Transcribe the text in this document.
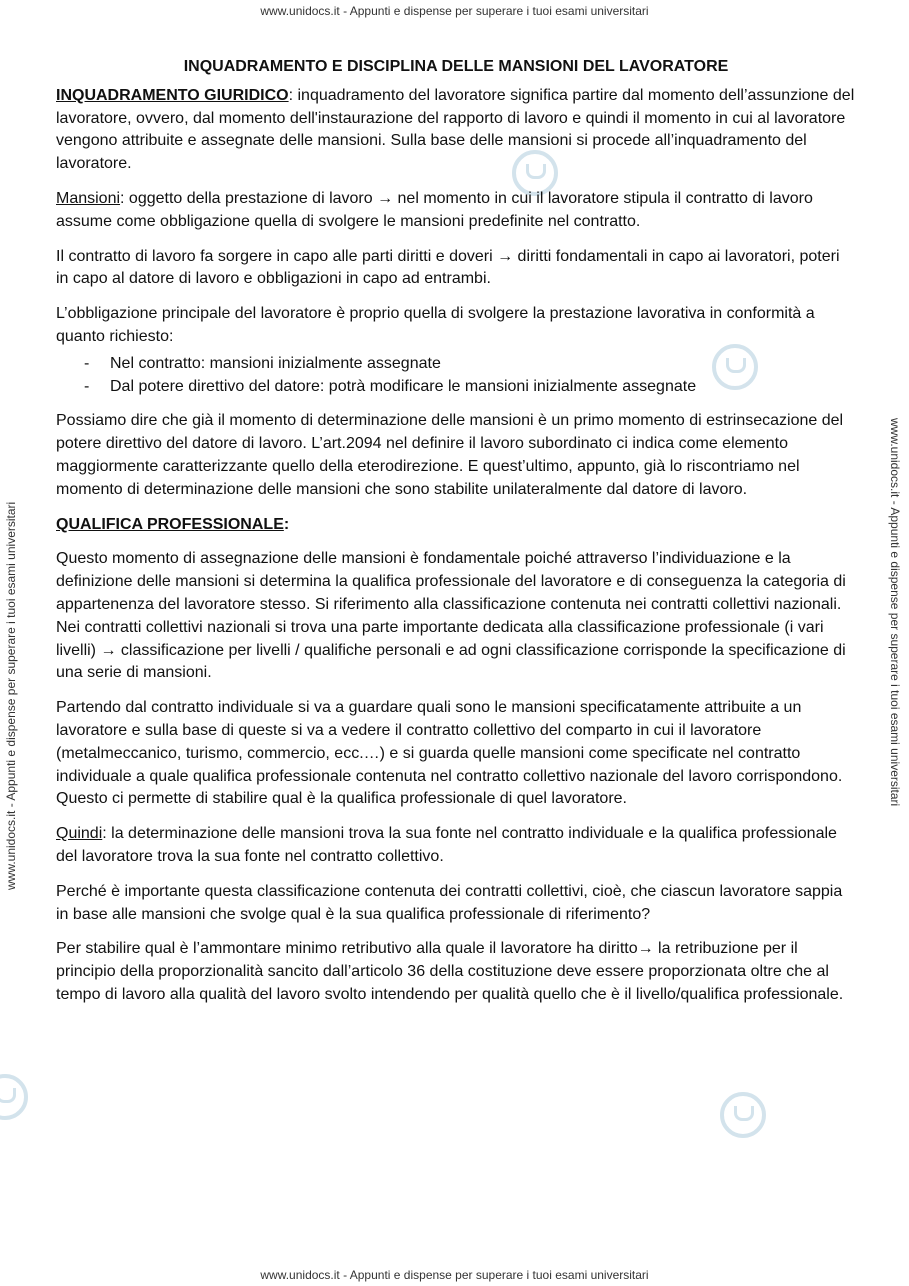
www.unidocs.it - Appunti e dispense per superare i tuoi esami universitari
www.unidocs.it - Appunti e dispense per superare i tuoi esami universitari
www.unidocs.it - Appunti e dispense per superare i tuoi esami universitari	www.unidocs.it - Appunti e dispense per superare i tuoi esami universitari
INQUADRAMENTO E DISCIPLINA DELLE MANSIONI DEL LAVORATORE

INQUADRAMENTO GIURIDICO: inquadramento del lavoratore significa partire dal momento dell’assunzione del lavoratore, ovvero, dal momento dell'instaurazione del rapporto di lavoro e quindi il momento in cui al lavoratore vengono attribuite e assegnate delle mansioni. Sulla base delle mansioni si procede all’inquadramento del lavoratore.

Mansioni: oggetto della prestazione di lavoro → nel momento in cui il lavoratore stipula il contratto di lavoro assume come obbligazione quella di svolgere le mansioni predefinite nel contratto.

Il contratto di lavoro fa sorgere in capo alle parti diritti e doveri → diritti fondamentali in capo ai lavoratori, poteri in capo al datore di lavoro e obbligazioni in capo ad entrambi.

L’obbligazione principale del lavoratore è proprio quella di svolgere la prestazione lavorativa in conformità a quanto richiesto:

- Nel contratto: mansioni inizialmente assegnate
- Dal potere direttivo del datore: potrà modificare le mansioni inizialmente assegnate

Possiamo dire che già il momento di determinazione delle mansioni è un primo momento di estrinsecazione del potere direttivo del datore di lavoro. L’art.2094 nel definire il lavoro subordinato ci indica come elemento maggiormente caratterizzante quello della eterodirezione. E quest’ultimo, appunto, già lo riscontriamo nel momento di determinazione delle mansioni che sono stabilite unilateralmente dal datore di lavoro.

QUALIFICA PROFESSIONALE:

Questo momento di assegnazione delle mansioni è fondamentale poiché attraverso l’individuazione e la definizione delle mansioni si determina la qualifica professionale del lavoratore e di conseguenza la categoria di appartenenza del lavoratore stesso. Si riferimento alla classificazione contenuta nei contratti collettivi nazionali.

Nei contratti collettivi nazionali si trova una parte importante dedicata alla classificazione professionale (i vari livelli) → classificazione per livelli / qualifiche personali e ad ogni classificazione corrisponde la specificazione di una serie di mansioni.

Partendo dal contratto individuale si va a guardare quali sono le mansioni specificatamente attribuite a un lavoratore e sulla base di queste si va a vedere il contratto collettivo del comparto in cui il lavoratore (metalmeccanico, turismo, commercio, ecc.…) e si guarda quelle mansioni come specificate nel contratto individuale a quale qualifica professionale contenuta nel contratto collettivo nazionale del lavoro corrispondono. Questo ci permette di stabilire qual è la qualifica professionale di quel lavoratore.

Quindi: la determinazione delle mansioni trova la sua fonte nel contratto individuale e la qualifica professionale del lavoratore trova la sua fonte nel contratto collettivo.

Perché è importante questa classificazione contenuta dei contratti collettivi, cioè, che ciascun lavoratore sappia in base alle mansioni che svolge qual è la sua qualifica professionale di riferimento?

Per stabilire qual è l’ammontare minimo retributivo alla quale il lavoratore ha diritto→ la retribuzione per il principio della proporzionalità sancito dall’articolo 36 della costituzione deve essere proporzionata oltre che al tempo di lavoro alla qualità del lavoro svolto intendendo per qualità quello che è il livello/qualifica professionale.
